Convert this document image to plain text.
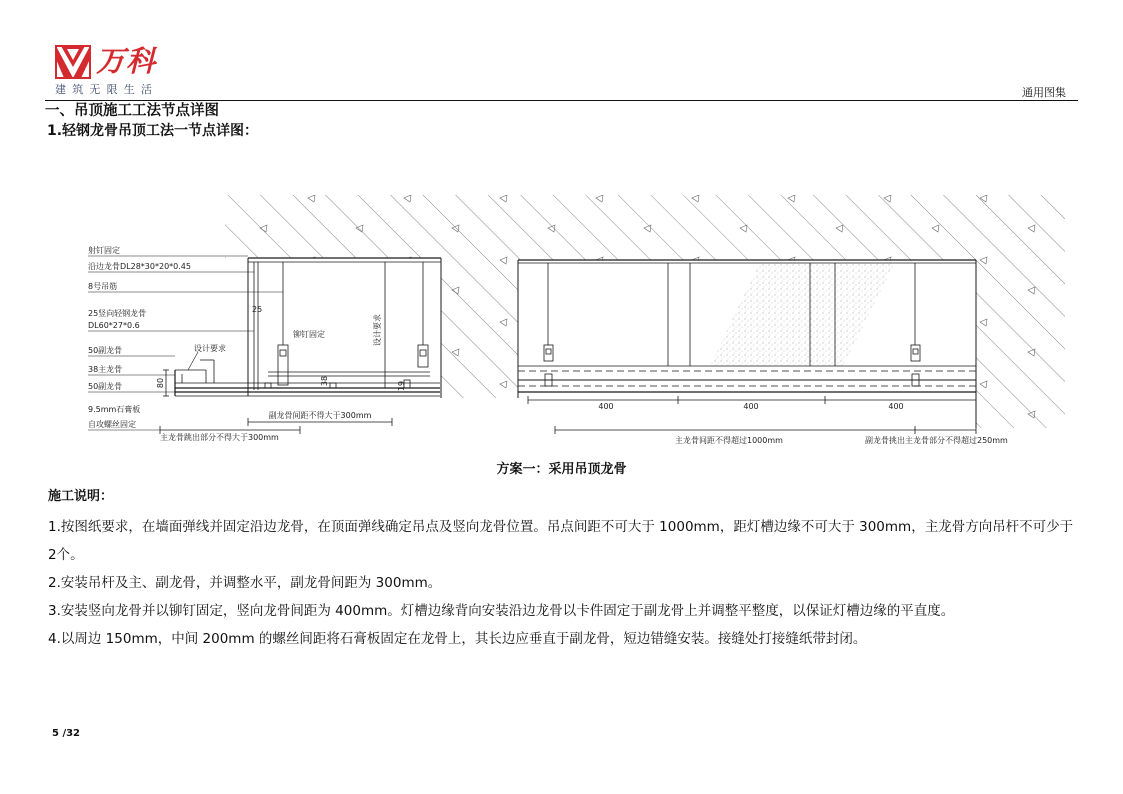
万科
建筑无限生活	通用图集
一、吊顶施工工法节点详图
1.轻钢龙骨吊顶工法一节点详图：
射钉固定
沿边龙骨DL28*30*20*0.45
8号吊筋
25竖向轻钢龙骨
DL60*27*0.6
50副龙骨
38主龙骨
50副龙骨
9.5mm石膏板
自攻螺丝固定
设计要求
25
铆钉固定	设计要求
80	38	19
副龙骨间距不得大于300mm
主龙骨跳出部分不得大于300mm
400	400	400
主龙骨间距不得超过1000mm	副龙骨挑出主龙骨部分不得超过250mm
方案一：采用吊顶龙骨
施工说明：

1.按图纸要求，在墙面弹线并固定沿边龙骨，在顶面弹线确定吊点及竖向龙骨位置。吊点间距不可大于 1000mm，距灯槽边缘不可大于 300mm，主龙骨方向吊杆不可少于 2个。

2.安装吊杆及主、副龙骨，并调整水平，副龙骨间距为 300mm。

3.安装竖向龙骨并以铆钉固定，竖向龙骨间距为 400mm。灯槽边缘背向安装沿边龙骨以卡件固定于副龙骨上并调整平整度，以保证灯槽边缘的平直度。

4.以周边 150mm，中间 200mm 的螺丝间距将石膏板固定在龙骨上，其长边应垂直于副龙骨，短边错缝安装。接缝处打接缝纸带封闭。

5 /32
